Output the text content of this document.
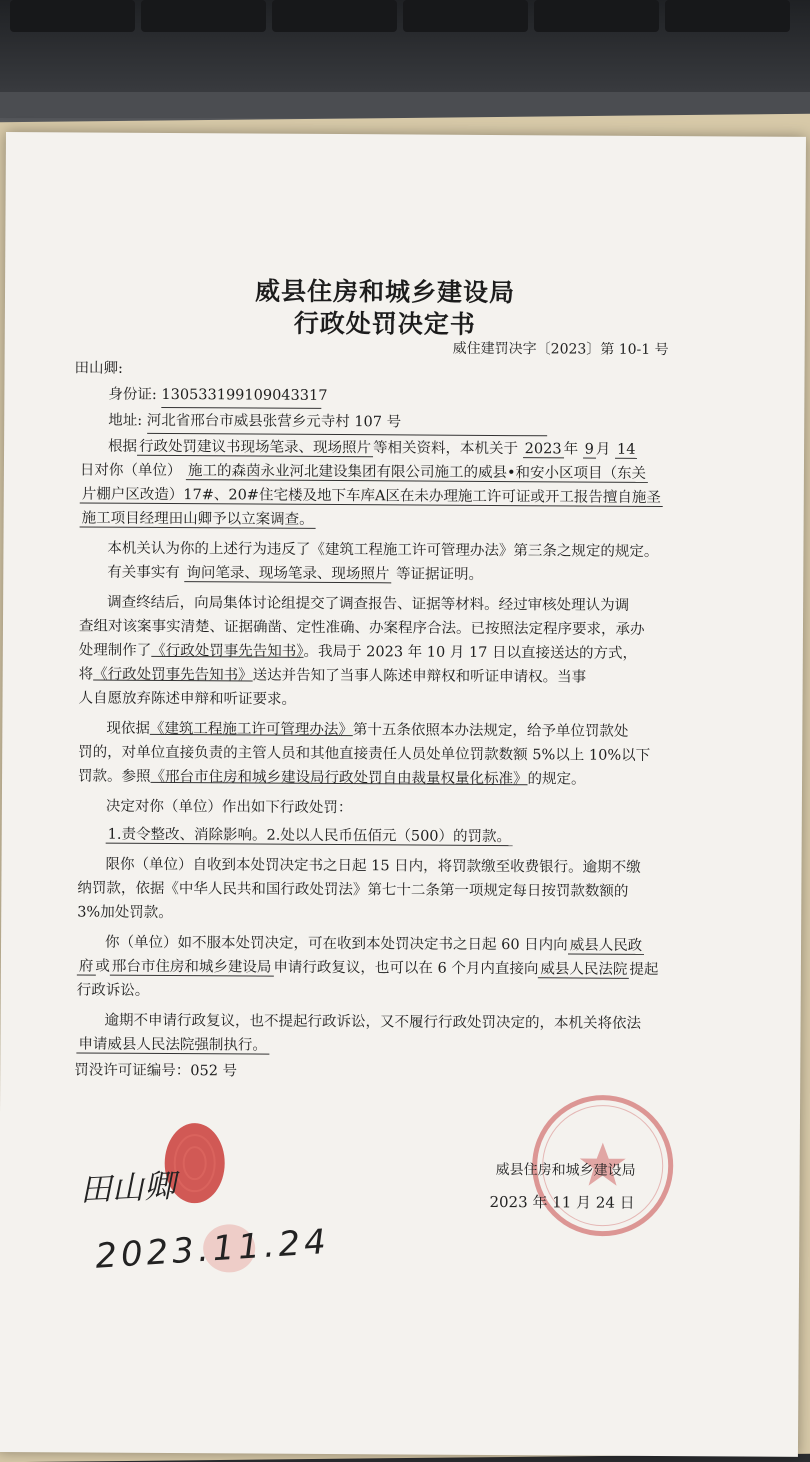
威县住房和城乡建设局
行政处罚决定书
威住建罚决字〔2023〕第 10-1 号
田山卿:
身份证: 130533199109043317
地址: 河北省邢台市威县张营乡元寺村 107 号
根据 行政处罚建议书现场笔录、现场照片 等相关资料，本机关于 2023 年 9 月 14
日对你（单位） 施工的森茵永业河北建设集团有限公司施工的威县•和安小区项目（东关
片棚户区改造）17#、20#住宅楼及地下车库A区在未办理施工许可证或开工报告擅自施圣
施工项目经理田山卿予以立案调查。
本机关认为你的上述行为违反了《建筑工程施工许可管理办法》第三条之规定的规定。
有关事实有 询问笔录、现场笔录、现场照片 等证据证明。
调查终结后，向局集体讨论组提交了调查报告、证据等材料。经过审核处理认为调
查组对该案事实清楚、证据确凿、定性准确、办案程序合法。已按照法定程序要求，承办
处理制作了《行政处罚事先告知书》。我局于 2023 年 10 月 17 日以直接送达的方式，
将《行政处罚事先告知书》送达并告知了当事人陈述申辩权和听证申请权。当事
人自愿放弃陈述申辩和听证要求。
现依据《建筑工程施工许可管理办法》第十五条依照本办法规定，给予单位罚款处
罚的，对单位直接负责的主管人员和其他直接责任人员处单位罚款数额 5%以上 10%以下
罚款。参照《邢台市住房和城乡建设局行政处罚自由裁量权量化标准》的规定。
决定对你（单位）作出如下行政处罚：
1.责令整改、消除影响。2.处以人民币伍佰元（500）的罚款。
限你（单位）自收到本处罚决定书之日起 15 日内，将罚款缴至收费银行。逾期不缴
纳罚款，依据《中华人民共和国行政处罚法》第七十二条第一项规定每日按罚款数额的
3%加处罚款。
你（单位）如不服本处罚决定，可在收到本处罚决定书之日起 60 日内向 威县人民政
府 或 邢台市住房和城乡建设局 申请行政复议，也可以在 6 个月内直接向 威县人民法院 提起
行政诉讼。
逾期不申请行政复议，也不提起行政诉讼，又不履行行政处罚决定的，本机关将依法
申请威县人民法院强制执行。
罚没许可证编号：052 号
威县住房和城乡建设局
2023 年 11 月 24 日
田山卿
2023.11.24
